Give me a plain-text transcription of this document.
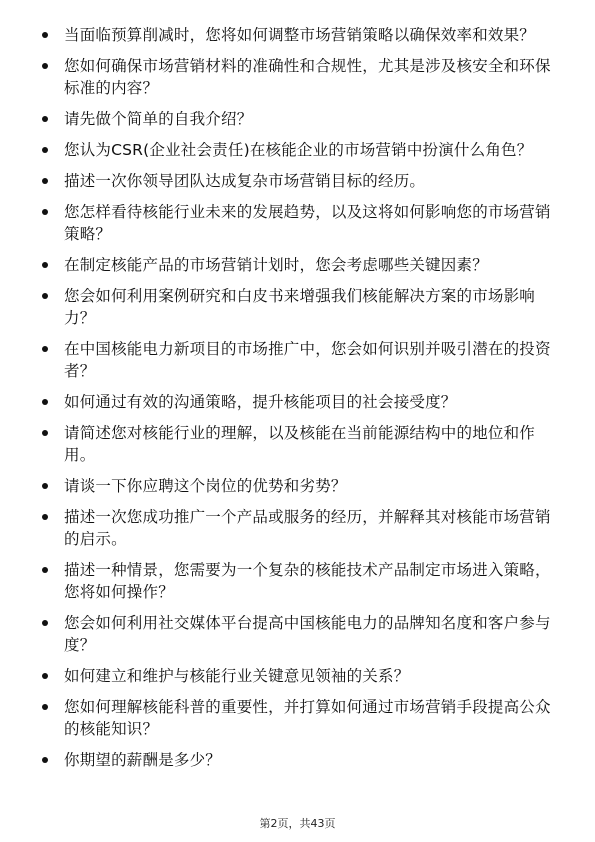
当面临预算削减时，您将如何调整市场营销策略以确保效率和效果？
您如何确保市场营销材料的准确性和合规性，尤其是涉及核安全和环保标准的内容？
请先做个简单的自我介绍？
您认为CSR(企业社会责任)在核能企业的市场营销中扮演什么角色？
描述一次你领导团队达成复杂市场营销目标的经历。
您怎样看待核能行业未来的发展趋势，以及这将如何影响您的市场营销策略？
在制定核能产品的市场营销计划时，您会考虑哪些关键因素？
您会如何利用案例研究和白皮书来增强我们核能解决方案的市场影响力？
在中国核能电力新项目的市场推广中，您会如何识别并吸引潜在的投资者？
如何通过有效的沟通策略，提升核能项目的社会接受度？
请简述您对核能行业的理解，以及核能在当前能源结构中的地位和作用。
请谈一下你应聘这个岗位的优势和劣势？
描述一次您成功推广一个产品或服务的经历，并解释其对核能市场营销的启示。
描述一种情景，您需要为一个复杂的核能技术产品制定市场进入策略，您将如何操作？
您会如何利用社交媒体平台提高中国核能电力的品牌知名度和客户参与度？
如何建立和维护与核能行业关键意见领袖的关系？
您如何理解核能科普的重要性，并打算如何通过市场营销手段提高公众的核能知识？
你期望的薪酬是多少？
第2页，共43页
